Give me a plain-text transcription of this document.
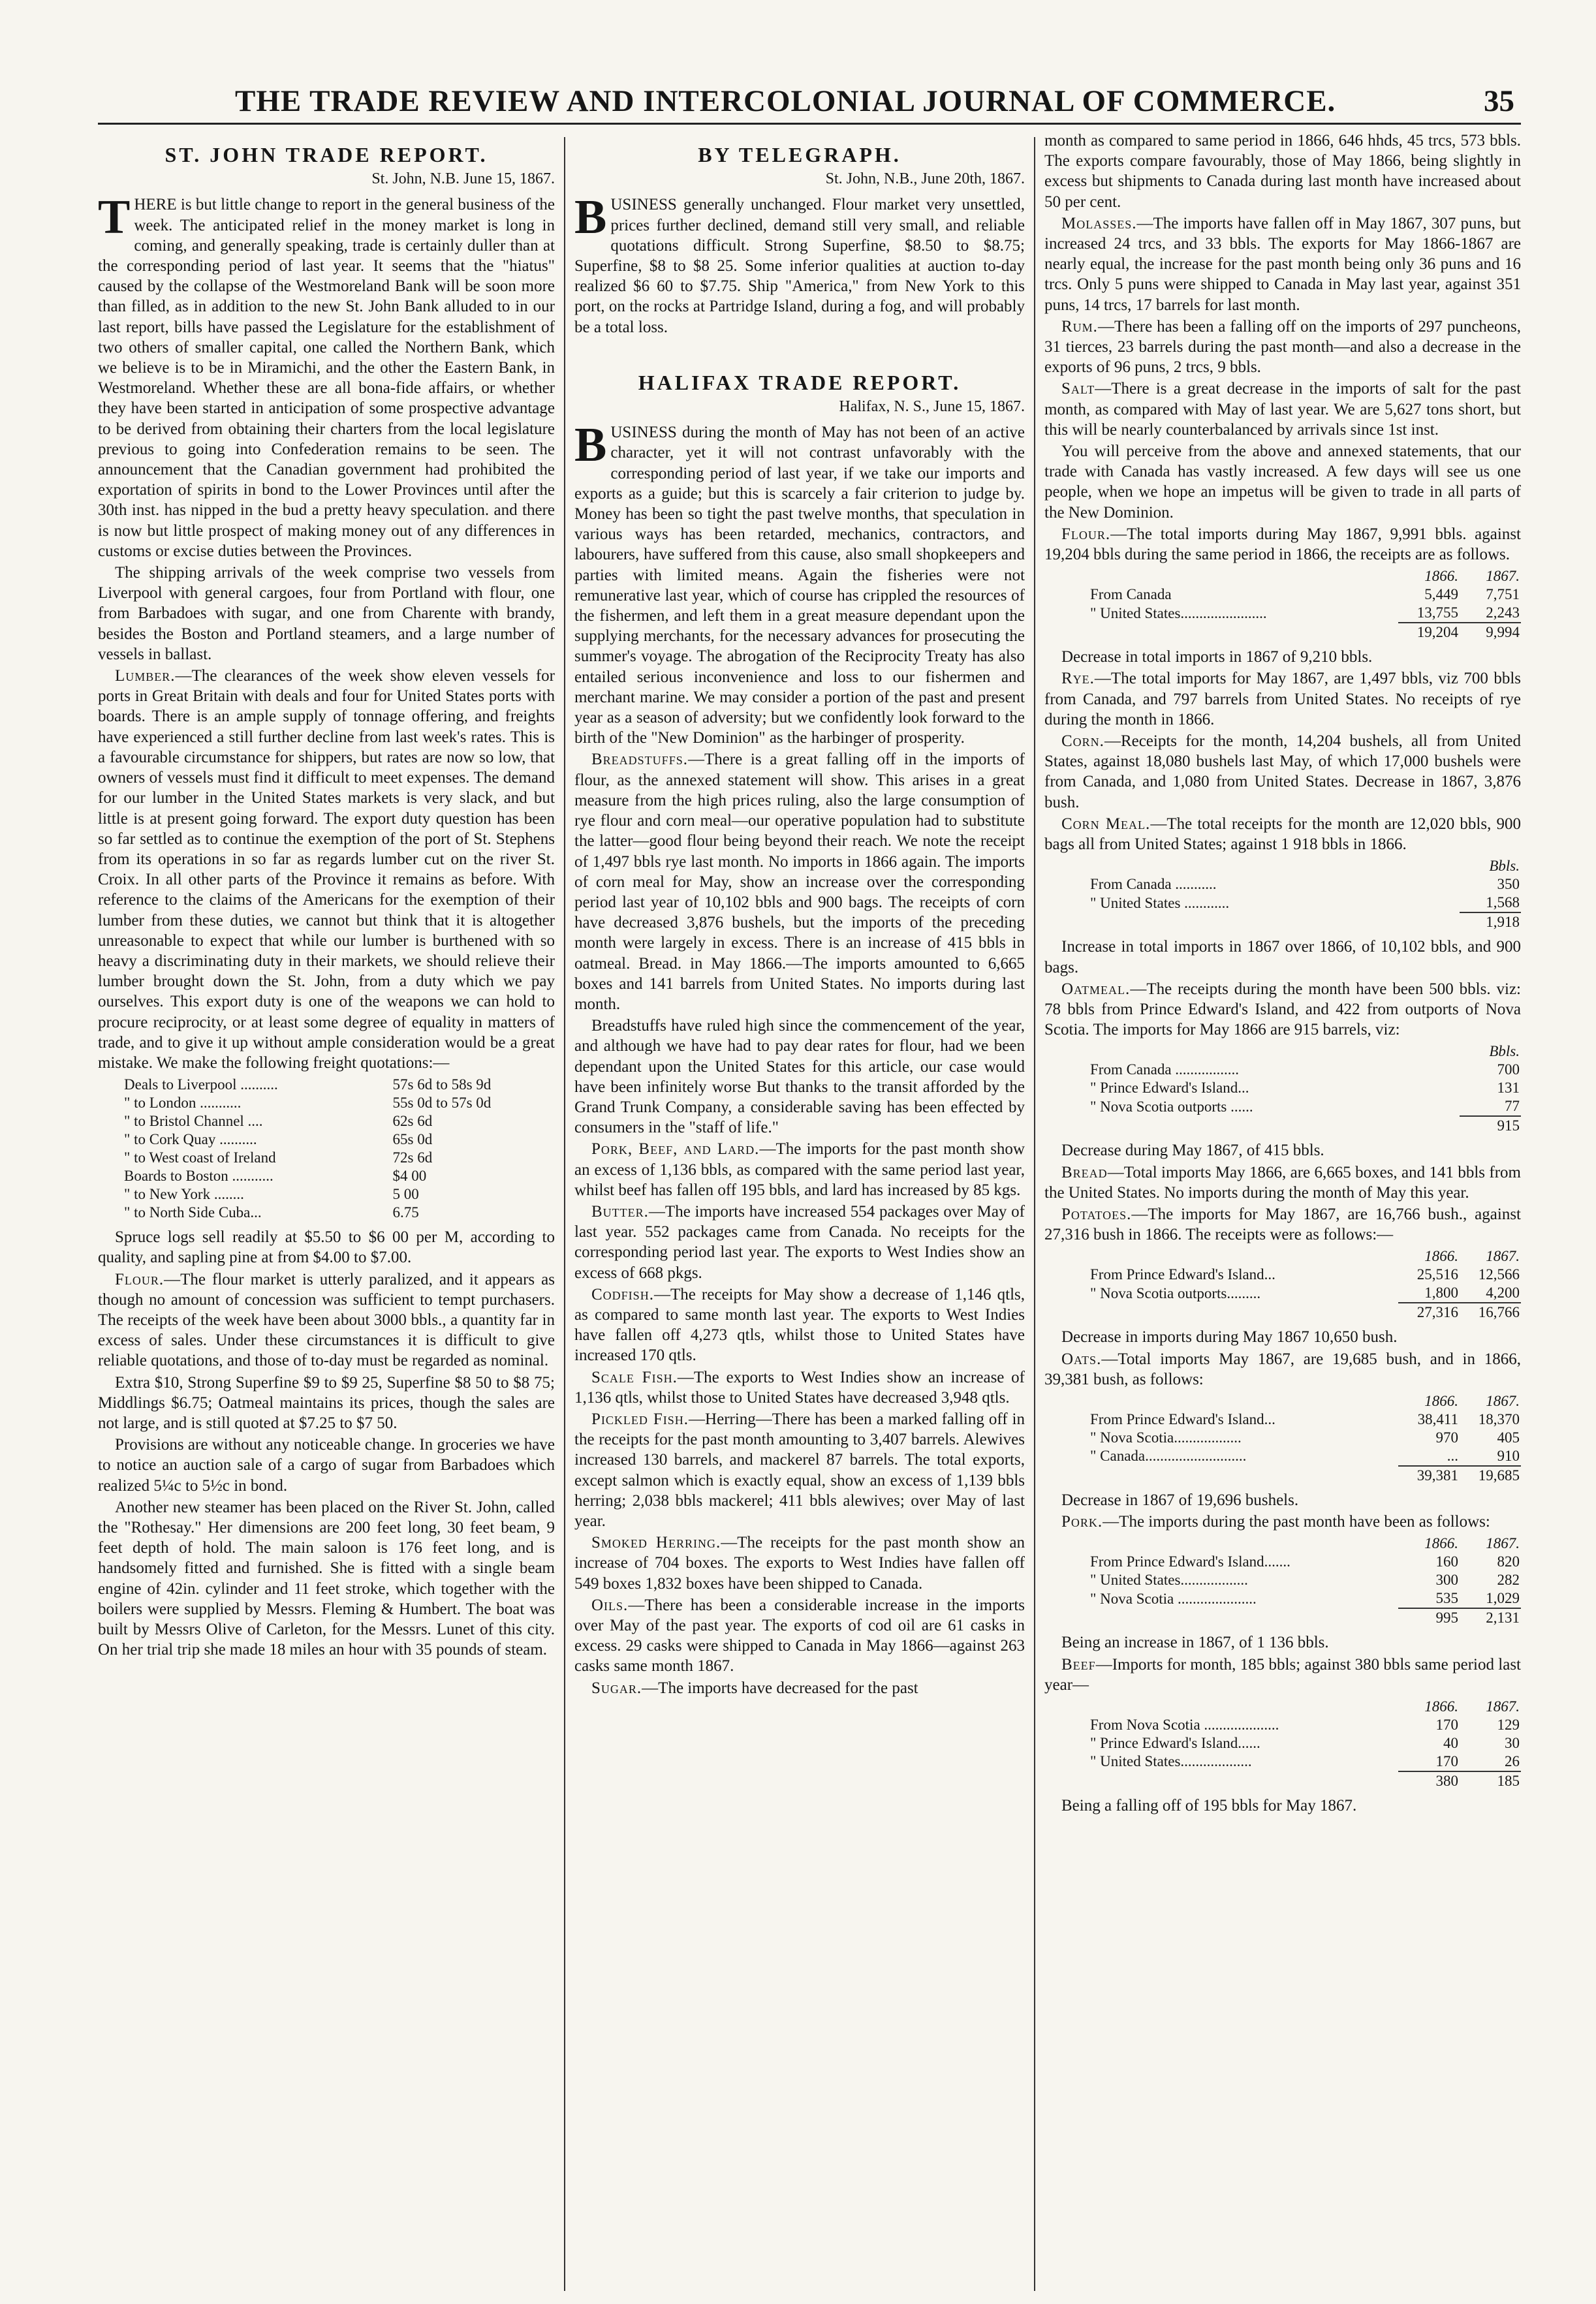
THE TRADE REVIEW AND INTERCOLONIAL JOURNAL OF COMMERCE.	35
ST. JOHN TRADE REPORT.
St. John, N.B. June 15, 1867.

THERE is but little change to report in the general business of the week. The anticipated relief in the money market is long in coming, and generally speaking, trade is certainly duller than at the corresponding period of last year. It seems that the "hiatus" caused by the collapse of the Westmoreland Bank will be soon more than filled, as in addition to the new St. John Bank alluded to in our last report, bills have passed the Legislature for the establishment of two others of smaller capital, one called the Northern Bank, which we believe is to be in Miramichi, and the other the Eastern Bank, in Westmoreland. Whether these are all bona-fide affairs, or whether they have been started in anticipation of some prospective advantage to be derived from obtaining their charters from the local legislature previous to going into Confederation remains to be seen. The announcement that the Canadian government had prohibited the exportation of spirits in bond to the Lower Provinces until after the 30th inst. has nipped in the bud a pretty heavy speculation. and there is now but little prospect of making money out of any differences in customs or excise duties between the Provinces.

The shipping arrivals of the week comprise two vessels from Liverpool with general cargoes, four from Portland with flour, one from Barbadoes with sugar, and one from Charente with brandy, besides the Boston and Portland steamers, and a large number of vessels in ballast.

Lumber.—The clearances of the week show eleven vessels for ports in Great Britain with deals and four for United States ports with boards. There is an ample supply of tonnage offering, and freights have experienced a still further decline from last week's rates. This is a favourable circumstance for shippers, but rates are now so low, that owners of vessels must find it difficult to meet expenses. The demand for our lumber in the United States markets is very slack, and but little is at present going forward. The export duty question has been so far settled as to continue the exemption of the port of St. Stephens from its operations in so far as regards lumber cut on the river St. Croix. In all other parts of the Province it remains as before. With reference to the claims of the Americans for the exemption of their lumber from these duties, we cannot but think that it is altogether unreasonable to expect that while our lumber is burthened with so heavy a discriminating duty in their markets, we should relieve their lumber brought down the St. John, from a duty which we pay ourselves. This export duty is one of the weapons we can hold to procure reciprocity, or at least some degree of equality in matters of trade, and to give it up without ample consideration would be a great mistake. We make the following freight quotations:—

Deals to Liverpool ..........	57s 6d to 58s 9d
" to London ...........	55s 0d to 57s 0d
" to Bristol Channel ....	62s 6d
" to Cork Quay ..........	65s 0d
" to West coast of Ireland	72s 6d
Boards to Boston ...........	$4 00
" to New York ........	5 00
" to North Side Cuba...	6.75

Spruce logs sell readily at $5.50 to $6 00 per M, according to quality, and sapling pine at from $4.00 to $7.00.

Flour.—The flour market is utterly paralized, and it appears as though no amount of concession was sufficient to tempt purchasers. The receipts of the week have been about 3000 bbls., a quantity far in excess of sales. Under these circumstances it is difficult to give reliable quotations, and those of to-day must be regarded as nominal.

Extra $10, Strong Superfine $9 to $9 25, Superfine $8 50 to $8 75; Middlings $6.75; Oatmeal maintains its prices, though the sales are not large, and is still quoted at $7.25 to $7 50.

Provisions are without any noticeable change. In groceries we have to notice an auction sale of a cargo of sugar from Barbadoes which realized 5¼c to 5½c in bond.

Another new steamer has been placed on the River St. John, called the "Rothesay." Her dimensions are 200 feet long, 30 feet beam, 9 feet depth of hold. The main saloon is 176 feet long, and is handsomely fitted and furnished. She is fitted with a single beam engine of 42in. cylinder and 11 feet stroke, which together with the boilers were supplied by Messrs. Fleming & Humbert. The boat was built by Messrs Olive of Carleton, for the Messrs. Lunet of this city. On her trial trip she made 18 miles an hour with 35 pounds of steam.

BY TELEGRAPH.
St. John, N.B., June 20th, 1867.

BUSINESS generally unchanged. Flour market very unsettled, prices further declined, demand still very small, and reliable quotations difficult. Strong Superfine, $8.50 to $8.75; Superfine, $8 to $8 25. Some inferior qualities at auction to-day realized $6 60 to $7.75. Ship "America," from New York to this port, on the rocks at Partridge Island, during a fog, and will probably be a total loss.

HALIFAX TRADE REPORT.
Halifax, N. S., June 15, 1867.

BUSINESS during the month of May has not been of an active character, yet it will not contrast unfavorably with the corresponding period of last year, if we take our imports and exports as a guide; but this is scarcely a fair criterion to judge by. Money has been so tight the past twelve months, that speculation in various ways has been retarded, mechanics, contractors, and labourers, have suffered from this cause, also small shopkeepers and parties with limited means. Again the fisheries were not remunerative last year, which of course has crippled the resources of the fishermen, and left them in a great measure dependant upon the supplying merchants, for the necessary advances for prosecuting the summer's voyage. The abrogation of the Reciprocity Treaty has also entailed serious inconvenience and loss to our fishermen and merchant marine. We may consider a portion of the past and present year as a season of adversity; but we confidently look forward to the birth of the "New Dominion" as the harbinger of prosperity.

Breadstuffs.—There is a great falling off in the imports of flour, as the annexed statement will show. This arises in a great measure from the high prices ruling, also the large consumption of rye flour and corn meal—our operative population had to substitute the latter—good flour being beyond their reach. We note the receipt of 1,497 bbls rye last month. No imports in 1866 again. The imports of corn meal for May, show an increase over the corresponding period last year of 10,102 bbls and 900 bags. The receipts of corn have decreased 3,876 bushels, but the imports of the preceding month were largely in excess. There is an increase of 415 bbls in oatmeal. Bread. in May 1866.—The imports amounted to 6,665 boxes and 141 barrels from United States. No imports during last month.

Breadstuffs have ruled high since the commencement of the year, and although we have had to pay dear rates for flour, had we been dependant upon the United States for this article, our case would have been infinitely worse But thanks to the transit afforded by the Grand Trunk Company, a considerable saving has been effected by consumers in the "staff of life."

Pork, Beef, and Lard.—The imports for the past month show an excess of 1,136 bbls, as compared with the same period last year, whilst beef has fallen off 195 bbls, and lard has increased by 85 kgs.

Butter.—The imports have increased 554 packages over May of last year. 552 packages came from Canada. No receipts for the corresponding period last year. The exports to West Indies show an excess of 668 pkgs.

Codfish.—The receipts for May show a decrease of 1,146 qtls, as compared to same month last year. The exports to West Indies have fallen off 4,273 qtls, whilst those to United States have increased 170 qtls.

Scale Fish.—The exports to West Indies show an increase of 1,136 qtls, whilst those to United States have decreased 3,948 qtls.

Pickled Fish.—Herring—There has been a marked falling off in the receipts for the past month amounting to 3,407 barrels. Alewives increased 130 barrels, and mackerel 87 barrels. The total exports, except salmon which is exactly equal, show an excess of 1,139 bbls herring; 2,038 bbls mackerel; 411 bbls alewives; over May of last year.

Smoked Herring.—The receipts for the past month show an increase of 704 boxes. The exports to West Indies have fallen off 549 boxes 1,832 boxes have been shipped to Canada.

Oils.—There has been a considerable increase in the imports over May of the past year. The exports of cod oil are 61 casks in excess. 29 casks were shipped to Canada in May 1866—against 263 casks same month 1867.

Sugar.—The imports have decreased for the past

month as compared to same period in 1866, 646 hhds, 45 trcs, 573 bbls. The exports compare favourably, those of May 1866, being slightly in excess but shipments to Canada during last month have increased about 50 per cent.

Molasses.—The imports have fallen off in May 1867, 307 puns, but increased 24 trcs, and 33 bbls. The exports for May 1866-1867 are nearly equal, the increase for the past month being only 36 puns and 16 trcs. Only 5 puns were shipped to Canada in May last year, against 351 puns, 14 trcs, 17 barrels for last month.

Rum.—There has been a falling off on the imports of 297 puncheons, 31 tierces, 23 barrels during the past month—and also a decrease in the exports of 96 puns, 2 trcs, 9 bbls.

Salt—There is a great decrease in the imports of salt for the past month, as compared with May of last year. We are 5,627 tons short, but this will be nearly counterbalanced by arrivals since 1st inst.

You will perceive from the above and annexed statements, that our trade with Canada has vastly increased. A few days will see us one people, when we hope an impetus will be given to trade in all parts of the New Dominion.

Flour.—The total imports during May 1867, 9,991 bbls. against 19,204 bbls during the same period in 1866, the receipts are as follows.

	1866.	1867.
From Canada	5,449	7,751
" United States.......................	13,755	2,243
	19,204	9,994

Decrease in total imports in 1867 of 9,210 bbls.

Rye.—The total imports for May 1867, are 1,497 bbls, viz 700 bbls from Canada, and 797 barrels from United States. No receipts of rye during the month in 1866.

Corn.—Receipts for the month, 14,204 bushels, all from United States, against 18,080 bushels last May, of which 17,000 bushels were from Canada, and 1,080 from United States. Decrease in 1867, 3,876 bush.

Corn Meal.—The total receipts for the month are 12,020 bbls, 900 bags all from United States; against 1 918 bbls in 1866.

	Bbls.
From Canada ...........	350
" United States ............	1,568
	1,918

Increase in total imports in 1867 over 1866, of 10,102 bbls, and 900 bags.

Oatmeal.—The receipts during the month have been 500 bbls. viz: 78 bbls from Prince Edward's Island, and 422 from outports of Nova Scotia. The imports for May 1866 are 915 barrels, viz:

	Bbls.
From Canada .................	700
" Prince Edward's Island...	131
" Nova Scotia outports ......	77
	915

Decrease during May 1867, of 415 bbls.

Bread—Total imports May 1866, are 6,665 boxes, and 141 bbls from the United States. No imports during the month of May this year.

Potatoes.—The imports for May 1867, are 16,766 bush., against 27,316 bush in 1866. The receipts were as follows:—

	1866.	1867.
From Prince Edward's Island...	25,516	12,566
" Nova Scotia outports.........	1,800	4,200
	27,316	16,766

Decrease in imports during May 1867 10,650 bush.

Oats.—Total imports May 1867, are 19,685 bush, and in 1866, 39,381 bush, as follows:

	1866.	1867.
From Prince Edward's Island...	38,411	18,370
" Nova Scotia..................	970	405
" Canada...........................	...	910
	39,381	19,685

Decrease in 1867 of 19,696 bushels.

Pork.—The imports during the past month have been as follows:

	1866.	1867.
From Prince Edward's Island.......	160	820
" United States..................	300	282
" Nova Scotia .....................	535	1,029
	995	2,131

Being an increase in 1867, of 1 136 bbls.

Beef—Imports for month, 185 bbls; against 380 bbls same period last year—

	1866.	1867.
From Nova Scotia ....................	170	129
" Prince Edward's Island......	40	30
" United States...................	170	26
	380	185

Being a falling off of 195 bbls for May 1867.
